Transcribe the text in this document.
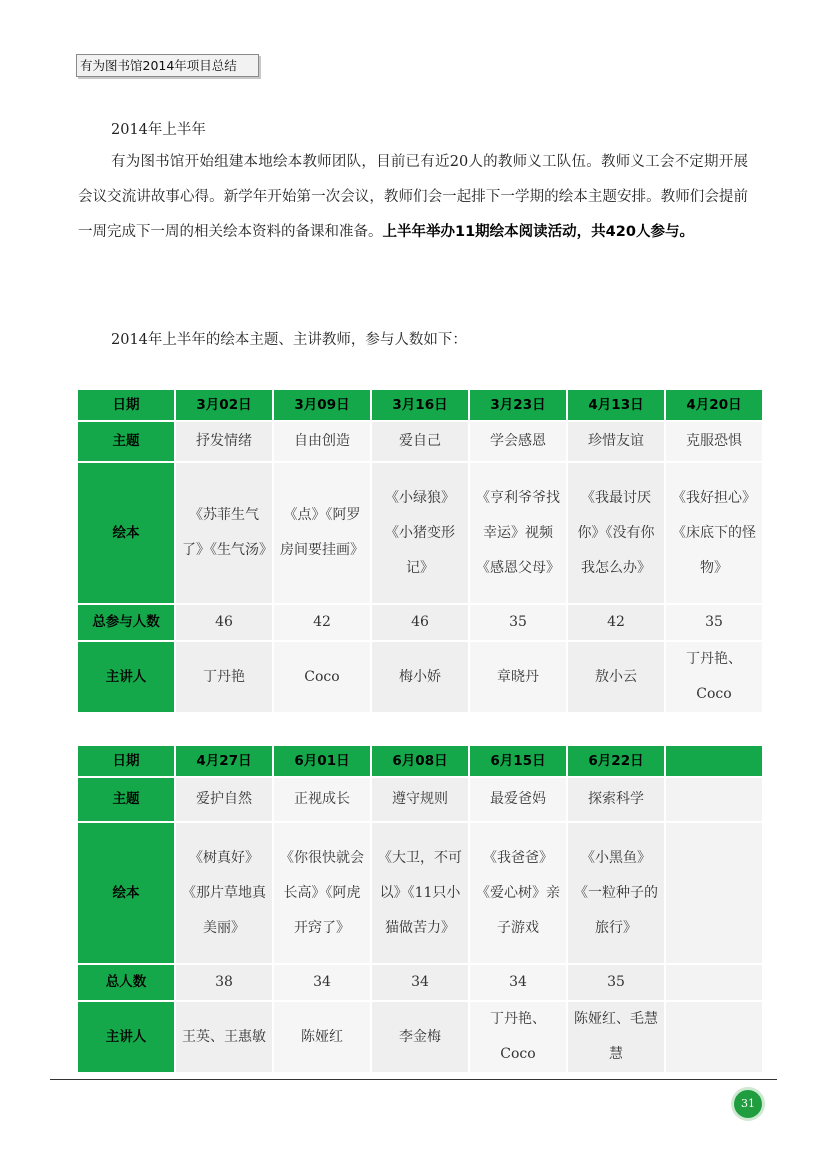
有为图书馆2014年项目总结
2014年上半年
有为图书馆开始组建本地绘本教师团队，目前已有近20人的教师义工队伍。教师义工会不定期开展会议交流讲故事心得。新学年开始第一次会议，教师们会一起排下一学期的绘本主题安排。教师们会提前一周完成下一周的相关绘本资料的备课和准备。上半年举办11期绘本阅读活动，共420人参与。
2014年上半年的绘本主题、主讲教师，参与人数如下：
日期	3月02日	3月09日	3月16日	3月23日	4月13日	4月20日
主题	抒发情绪	自由创造	爱自己	学会感恩	珍惜友谊	克服恐惧
绘本	《苏菲生气了》《生气汤》	《点》《阿罗房间要挂画》	《小绿狼》《小猪变形记》	《亨利爷爷找幸运》视频《感恩父母》	《我最讨厌你》《没有你我怎么办》	《我好担心》《床底下的怪物》
总参与人数	46	42	46	35	42	35
主讲人	丁丹艳	Coco	梅小娇	章晓丹	敖小云	丁丹艳、Coco
日期	4月27日	6月01日	6月08日	6月15日	6月22日	
主题	爱护自然	正视成长	遵守规则	最爱爸妈	探索科学	
绘本	《树真好》《那片草地真美丽》	《你很快就会长高》《阿虎开窍了》	《大卫，不可以》《11只小猫做苦力》	《我爸爸》《爱心树》亲子游戏	《小黑鱼》《一粒种子的旅行》	
总人数	38	34	34	34	35	
主讲人	王英、王惠敏	陈娅红	李金梅	丁丹艳、Coco	陈娅红、毛慧慧	
31
